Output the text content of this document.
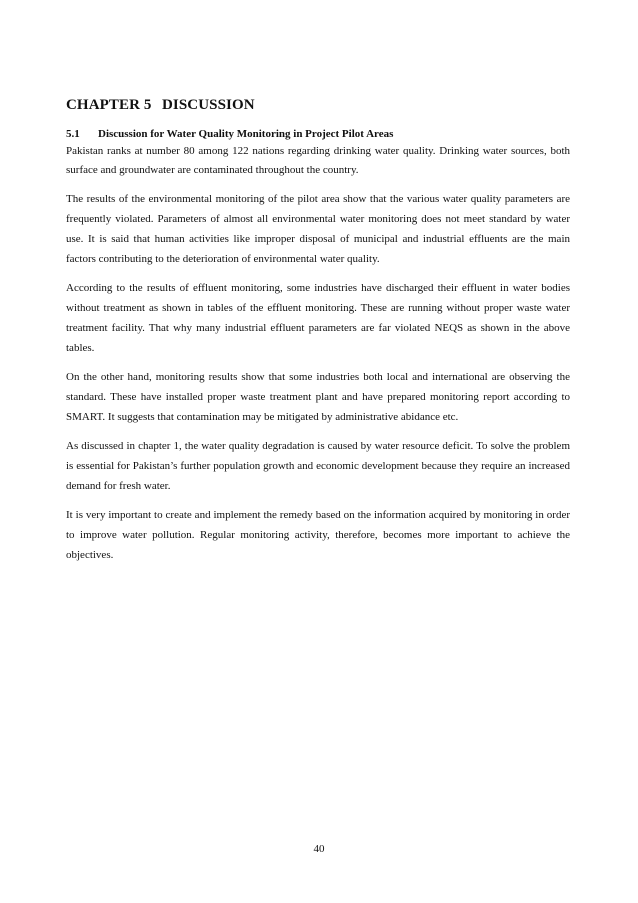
CHAPTER 5 DISCUSSION
5.1 Discussion for Water Quality Monitoring in Project Pilot Areas

Pakistan ranks at number 80 among 122 nations regarding drinking water quality. Drinking water sources, both surface and groundwater are contaminated throughout the country.

The results of the environmental monitoring of the pilot area show that the various water quality parameters are frequently violated. Parameters of almost all environmental water monitoring does not meet standard by water use. It is said that human activities like improper disposal of municipal and industrial effluents are the main factors contributing to the deterioration of environmental water quality.

According to the results of effluent monitoring, some industries have discharged their effluent in water bodies without treatment as shown in tables of the effluent monitoring. These are running without proper waste water treatment facility. That why many industrial effluent parameters are far violated NEQS as shown in the above tables.

On the other hand, monitoring results show that some industries both local and international are observing the standard. These have installed proper waste treatment plant and have prepared monitoring report according to SMART. It suggests that contamination may be mitigated by administrative abidance etc.

As discussed in chapter 1, the water quality degradation is caused by water resource deficit. To solve the problem is essential for Pakistan’s further population growth and economic development because they require an increased demand for fresh water.

It is very important to create and implement the remedy based on the information acquired by monitoring in order to improve water pollution. Regular monitoring activity, therefore, becomes more important to achieve the objectives.

40
